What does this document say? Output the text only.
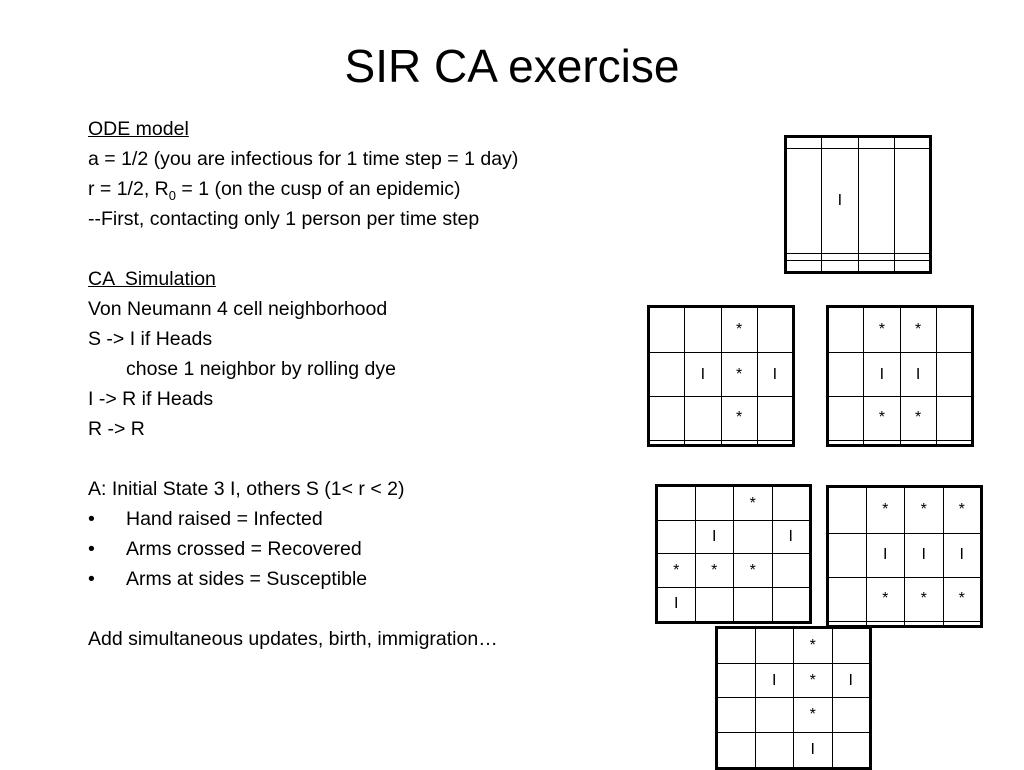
SIR CA exercise
ODE model
a = 1/2 (you are infectious for 1 time step = 1 day)
r = 1/2, $R_0 = 1$ (on the cusp of an epidemic)
--First, contacting only 1 person per time step
CA  Simulation
Von Neumann 4 cell neighborhood
S -> I if Heads
chose 1 neighbor by rolling dye
I -> R if Heads
R -> R
A: Initial State 3 I, others S (1< r < 2)
•	Hand raised = Infected
•	Arms crossed = Recovered
•	Arms at sides = Susceptible
Add simultaneous updates, birth, immigration…

	I		

		*	
	I	*	I
		*	

	*	*	
	I	I	
	*	*	

		*	
	I		I
*	*	*	
I			
	*	*	*
	I	I	I
	*	*	*

		*	
	I	*	I
		*	
		I	
